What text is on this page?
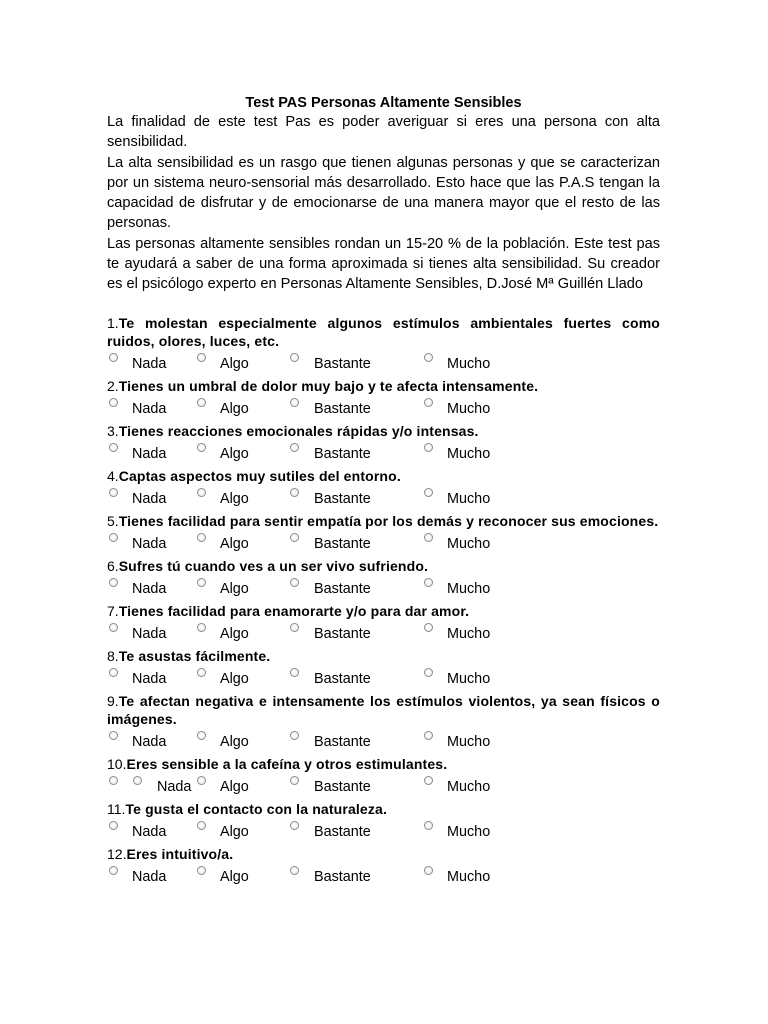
Test PAS Personas Altamente Sensibles

La finalidad de este test Pas es poder averiguar si eres una persona con alta sensibilidad.

La alta sensibilidad es un rasgo que tienen algunas personas y que se caracterizan por un sistema neuro-sensorial más desarrollado. Esto hace que las P.A.S tengan la capacidad de disfrutar y de emocionarse de una manera mayor que el resto de las personas.

Las personas altamente sensibles rondan un 15-20 % de la población. Este test pas te ayudará a saber de una forma aproximada si tienes alta sensibilidad. Su creador es el psicólogo experto en Personas Altamente Sensibles, D.José Mª Guillén Llado

1.Te molestan especialmente algunos estímulos ambientales fuertes como ruidos, olores, luces, etc.
Nada	Algo	Bastante	Mucho
2.Tienes un umbral de dolor muy bajo y te afecta intensamente.
Nada	Algo	Bastante	Mucho
3.Tienes reacciones emocionales rápidas y/o intensas.
Nada	Algo	Bastante	Mucho
4.Captas aspectos muy sutiles del entorno.
Nada	Algo	Bastante	Mucho
5.Tienes facilidad para sentir empatía por los demás y reconocer sus emociones.
Nada	Algo	Bastante	Mucho
6.Sufres tú cuando ves a un ser vivo sufriendo.
Nada	Algo	Bastante	Mucho
7.Tienes facilidad para enamorarte y/o para dar amor.
Nada	Algo	Bastante	Mucho
8.Te asustas fácilmente.
Nada	Algo	Bastante	Mucho
9.Te afectan negativa e intensamente los estímulos violentos, ya sean físicos o imágenes.
Nada	Algo	Bastante	Mucho
10.Eres sensible a la cafeína y otros estimulantes.
Nada Algo	Bastante	Mucho
11.Te gusta el contacto con la naturaleza.
Nada	Algo	Bastante	Mucho
12.Eres intuitivo/a.
Nada	Algo	Bastante	Mucho
